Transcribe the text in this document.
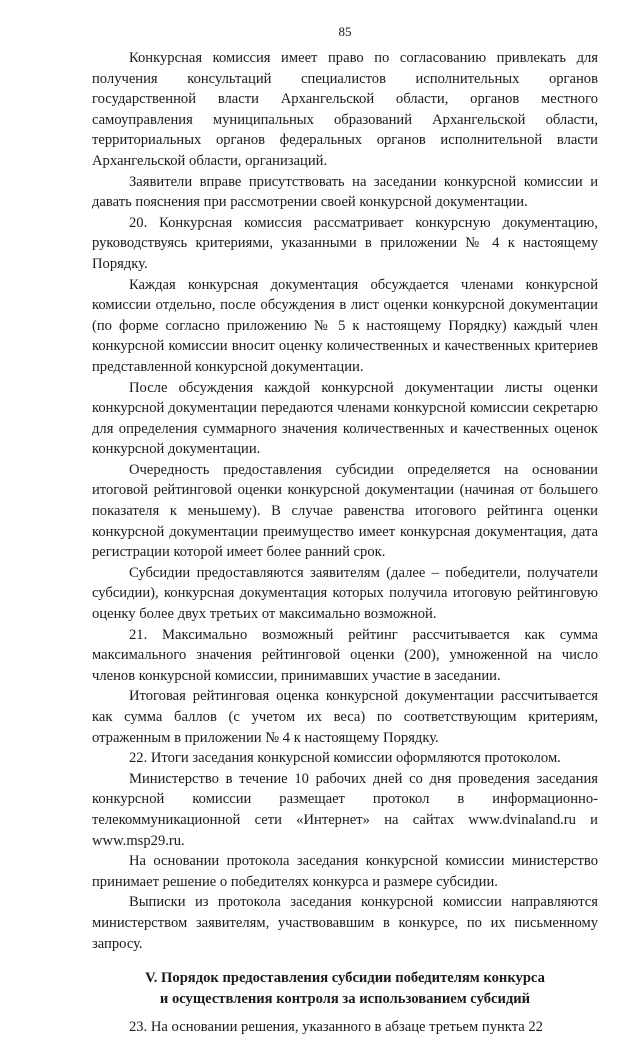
85

Конкурсная комиссия имеет право по согласованию привлекать для получения консультаций специалистов исполнительных органов государственной власти Архангельской области, органов местного самоуправления муниципальных образований Архангельской области, территориальных органов федеральных органов исполнительной власти Архангельской области, организаций.

Заявители вправе присутствовать на заседании конкурсной комиссии и давать пояснения при рассмотрении своей конкурсной документации.

20. Конкурсная комиссия рассматривает конкурсную документацию, руководствуясь критериями, указанными в приложении № 4 к настоящему Порядку.

Каждая конкурсная документация обсуждается членами конкурсной комиссии отдельно, после обсуждения в лист оценки конкурсной документации (по форме согласно приложению № 5 к настоящему Порядку) каждый член конкурсной комиссии вносит оценку количественных и качественных критериев представленной конкурсной документации.

После обсуждения каждой конкурсной документации листы оценки конкурсной документации передаются членами конкурсной комиссии секретарю для определения суммарного значения количественных и качественных оценок конкурсной документации.

Очередность предоставления субсидии определяется на основании итоговой рейтинговой оценки конкурсной документации (начиная от большего показателя к меньшему). В случае равенства итогового рейтинга оценки конкурсной документации преимущество имеет конкурсная документация, дата регистрации которой имеет более ранний срок.

Субсидии предоставляются заявителям (далее – победители, получатели субсидии), конкурсная документация которых получила итоговую рейтинговую оценку более двух третьих от максимально возможной.

21. Максимально возможный рейтинг рассчитывается как сумма максимального значения рейтинговой оценки (200), умноженной на число членов конкурсной комиссии, принимавших участие в заседании.

Итоговая рейтинговая оценка конкурсной документации рассчитывается как сумма баллов (с учетом их веса) по соответствующим критериям, отраженным в приложении № 4 к настоящему Порядку.

22. Итоги заседания конкурсной комиссии оформляются протоколом.

Министерство в течение 10 рабочих дней со дня проведения заседания конкурсной комиссии размещает протокол в информационно-телекоммуникационной сети «Интернет» на сайтах www.dvinaland.ru и www.msp29.ru.

На основании протокола заседания конкурсной комиссии министерство принимает решение о победителях конкурса и размере субсидии.

Выписки из протокола заседания конкурсной комиссии направляются министерством заявителям, участвовавшим в конкурсе, по их письменному запросу.

V. Порядок предоставления субсидии победителям конкурса
и осуществления контроля за использованием субсидий

23. На основании решения, указанного в абзаце третьем пункта 22
